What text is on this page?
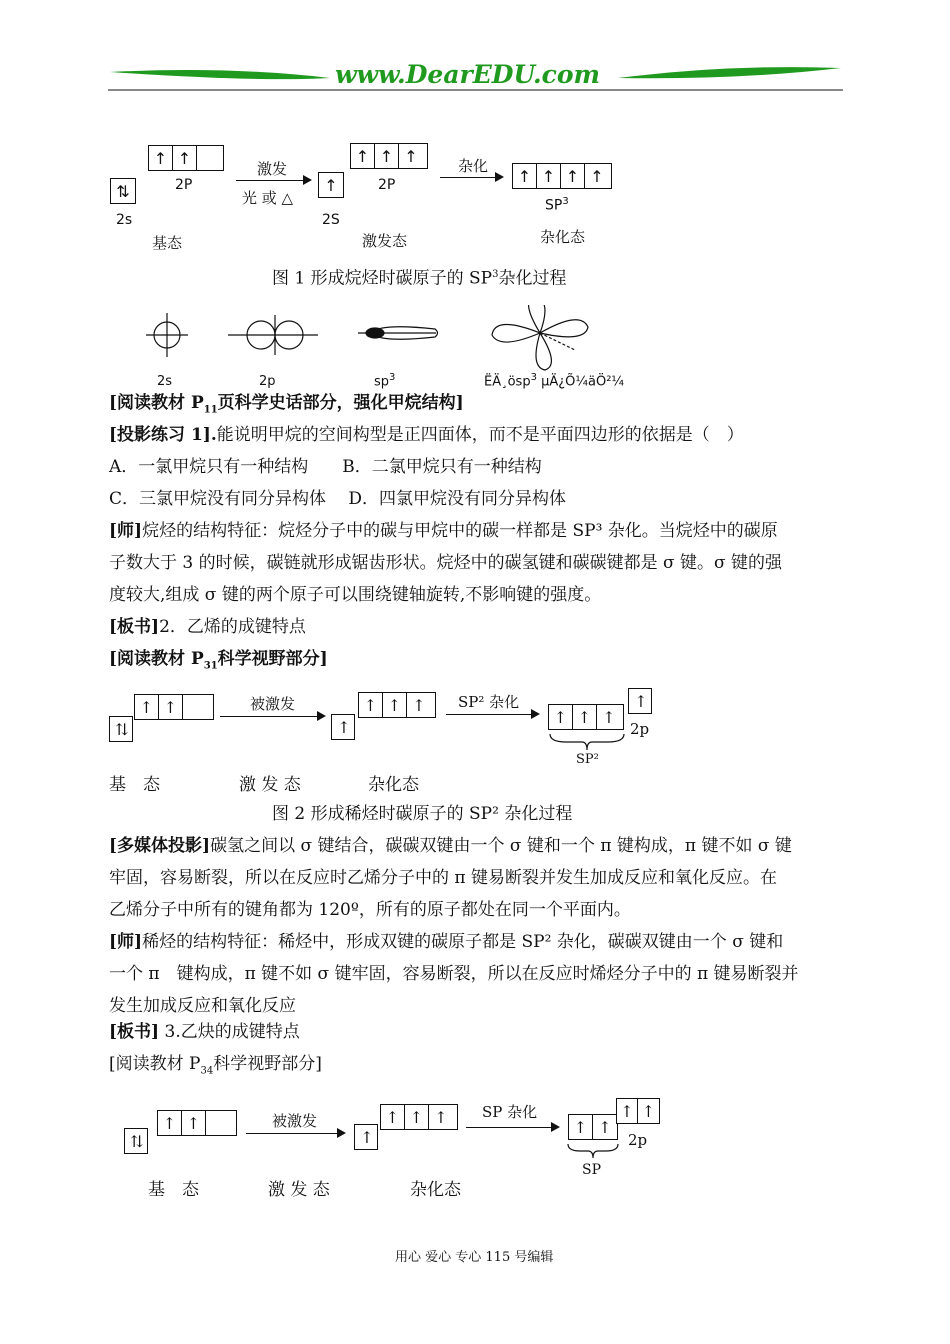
www.DearEDU.com
⇅
2s
↑ ↑
2P
基态
激发
光 或 △
↑
2S
↑ ↑ ↑
2P
激发态
杂化
↑ ↑ ↑ ↑
$SP^3$
杂化态
图 1 形成烷烃时碳原子的 $SP^3$杂化过程
2s	2p	$sp^3$	ËÄ¸ösp$^3$ µÄ¿Õ¼äÖ²¼
[阅读教材 $P_{11}$页科学史话部分，强化甲烷结构]
[投影练习 1].能说明甲烷的空间构型是正四面体，而不是平面四边形的依据是（　）
A．一氯甲烷只有一种结构　　B．二氯甲烷只有一种结构
C．三氯甲烷没有同分异构体　 D．四氯甲烷没有同分异构体
[师]烷烃的结构特征：烷烃分子中的碳与甲烷中的碳一样都是 SP³ 杂化。当烷烃中的碳原
子数大于 3 的时候，碳链就形成锯齿形状。烷烃中的碳氢键和碳碳键都是 σ 键。σ 键的强
度较大,组成 σ 键的两个原子可以围绕键轴旋转,不影响键的强度。
[板书]2．乙烯的成键特点
[阅读教材 $P_{31}$科学视野部分]
⇅
↑ ↑	被激发
↑
↑ ↑ ↑	SP² 杂化
↑ ↑ ↑
↑
2p
SP²
基　态	激 发 态	杂化态
图 2 形成稀烃时碳原子的 SP² 杂化过程
[多媒体投影]碳氢之间以 σ 键结合，碳碳双键由一个 σ 键和一个 π 键构成，π 键不如 σ 键
牢固，容易断裂，所以在反应时乙烯分子中的 π 键易断裂并发生加成反应和氧化反应。在
乙烯分子中所有的键角都为 120º，所有的原子都处在同一个平面内。
[师]稀烃的结构特征：稀烃中，形成双键的碳原子都是 SP² 杂化，碳碳双键由一个 σ 键和
一个 π　键构成，π 键不如 σ 键牢固，容易断裂，所以在反应时烯烃分子中的 π 键易断裂并
发生加成反应和氧化反应
[板书] 3.乙炔的成键特点
[阅读教材 $P_{34}$科学视野部分]
⇅
↑ ↑	被激发
↑
↑ ↑ ↑	SP 杂化
↑ ↑
↑ ↑
2p
SP
基　态	激 发 态	杂化态
用心 爱心 专心 115 号编辑
